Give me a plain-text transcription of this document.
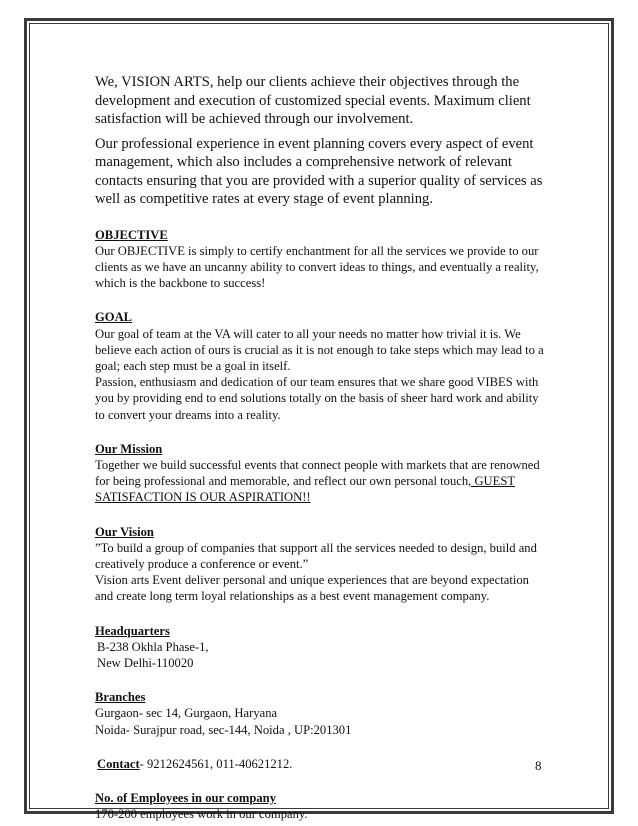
We, VISION ARTS, help our clients achieve their objectives through the development and execution of customized special events. Maximum client satisfaction will be achieved through our involvement.

Our professional experience in event planning covers every aspect of event management, which also includes a comprehensive network of relevant contacts ensuring that you are provided with a superior quality of services as well as competitive rates at every stage of event planning.

OBJECTIVE

Our OBJECTIVE is simply to certify enchantment for all the services we provide to our clients as we have an uncanny ability to convert ideas to things, and eventually a reality, which is the backbone to success!

GOAL

Our goal of team at the VA will cater to all your needs no matter how trivial it is. We believe each action of ours is crucial as it is not enough to take steps which may lead to a goal; each step must be a goal in itself.

Passion, enthusiasm and dedication of our team ensures that we share good VIBES with you by providing end to end solutions totally on the basis of sheer hard work and ability to convert your dreams into a reality.

Our Mission

Together we build successful events that connect people with markets that are renowned for being professional and memorable, and reflect our own personal touch, GUEST SATISFACTION IS OUR ASPIRATION!!

Our Vision

”To build a group of companies that support all the services needed to design, build and creatively produce a conference or event.”

Vision arts Event deliver personal and unique experiences that are beyond expectation and create long term loyal relationships as a best event management company.

Headquarters

B-238 Okhla Phase-1,

New Delhi-110020

Branches

Gurgaon- sec 14, Gurgaon, Haryana

Noida- Surajpur road, sec-144, Noida , UP:201301

Contact- 9212624561, 011-40621212.

No. of Employees in our company

170-200 employees work in our company.

8
